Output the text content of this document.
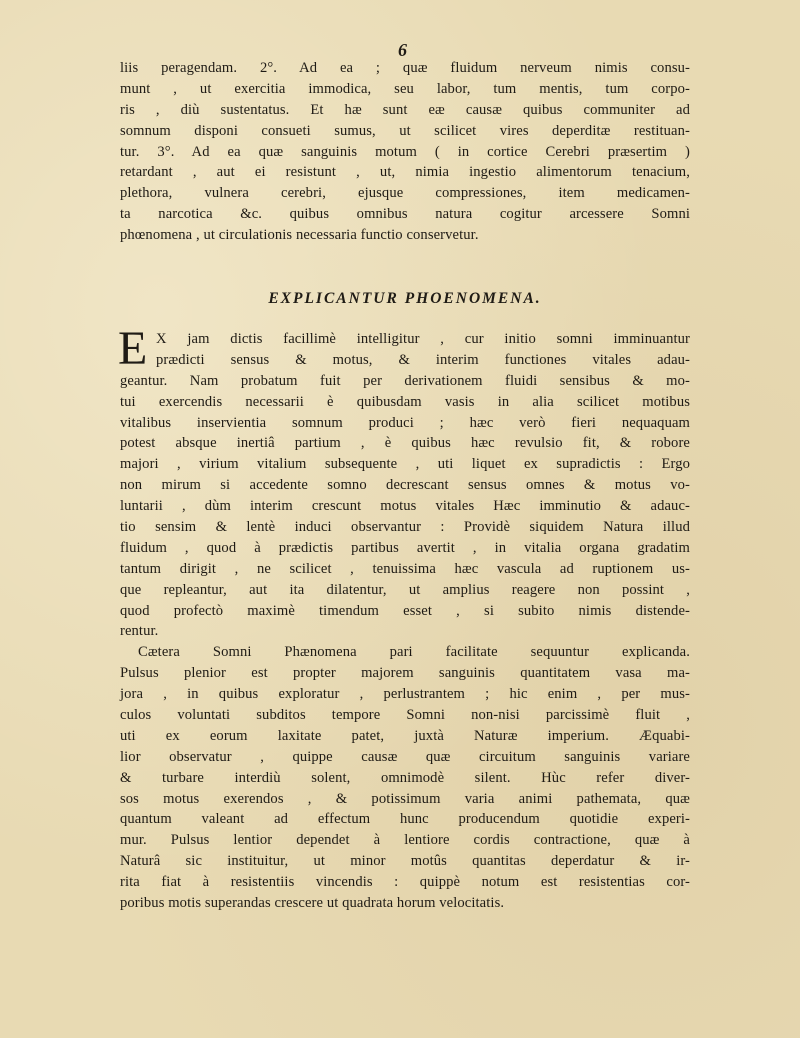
6
liis peragendam. 2°. Ad ea ; quæ fluidum nerveum nimis consu-
munt , ut exercitia immodica, seu labor, tum mentis, tum corpo-
ris , diù sustentatus. Et hæ sunt eæ causæ quibus communiter ad
somnum disponi consueti sumus, ut scilicet vires deperditæ restituan-
tur. 3°. Ad ea quæ sanguinis motum ( in cortice Cerebri præsertim )
retardant , aut ei resistunt , ut, nimia ingestio alimentorum tenacium,
plethora, vulnera cerebri, ejusque compressiones, item medicamen-
ta narcotica &c. quibus omnibus natura cogitur arcessere Somni
phœnomena , ut circulationis necessaria functio conservetur.
EXPLICANTUR PHOENOMENA.
E X jam dictis facillimè intelligitur , cur initio somni imminuantur
prædicti sensus & motus, & interim functiones vitales adau-
geantur. Nam probatum fuit per derivationem fluidi sensibus & mo-
tui exercendis necessarii è quibusdam vasis in alia scilicet motibus
vitalibus inservientia somnum produci ; hæc verò fieri nequaquam
potest absque inertiâ partium , è quibus hæc revulsio fit, & robore
majori , virium vitalium subsequente , uti liquet ex supradictis : Ergo
non mirum si accedente somno decrescant sensus omnes & motus vo-
luntarii , dùm interim crescunt motus vitales Hæc imminutio & adauc-
tio sensim & lentè induci observantur : Providè siquidem Natura illud
fluidum , quod à prædictis partibus avertit , in vitalia organa gradatim
tantum dirigit , ne scilicet , tenuissima hæc vascula ad ruptionem us-
que repleantur, aut ita dilatentur, ut amplius reagere non possint ,
quod profectò maximè timendum esset , si subito nimis distende-
rentur.
Cætera Somni Phænomena pari facilitate sequuntur explicanda.
Pulsus plenior est propter majorem sanguinis quantitatem vasa ma-
jora , in quibus exploratur , perlustrantem ; hic enim , per mus-
culos voluntati subditos tempore Somni non-nisi parcissimè fluit ,
uti ex eorum laxitate patet, juxtà Naturæ imperium. Æquabi-
lior observatur , quippe causæ quæ circuitum sanguinis variare
& turbare interdiù solent, omnimodè silent. Hùc refer diver-
sos motus exerendos , & potissimum varia animi pathemata, quæ
quantum valeant ad effectum hunc producendum quotidie experi-
mur. Pulsus lentior dependet à lentiore cordis contractione, quæ à
Naturâ sic instituitur, ut minor motûs quantitas deperdatur & ir-
rita fiat à resistentiis vincendis : quippè notum est resistentias cor-
poribus motis superandas crescere ut quadrata horum velocitatis.
